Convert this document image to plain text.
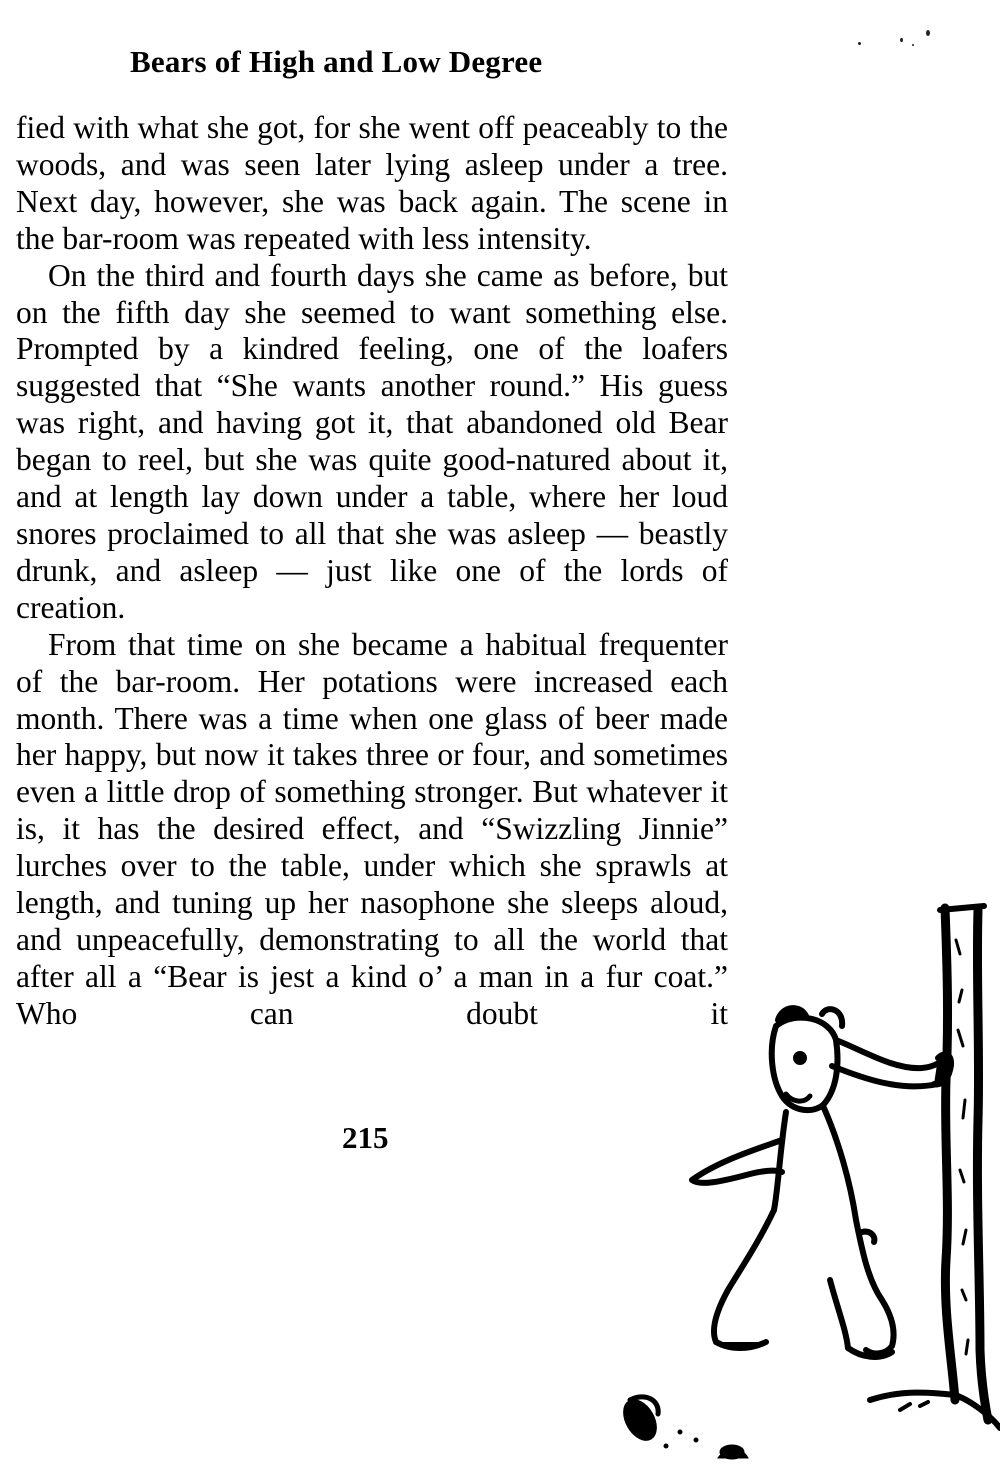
Bears of High and Low Degree

fied with what she got, for she went off peaceably to the woods, and was seen later lying asleep under a tree. Next day, however, she was back again. The scene in the bar-room was repeated with less intensity.

On the third and fourth days she came as before, but on the fifth day she seemed to want something else. Prompted by a kindred feeling, one of the loafers suggested that “She wants another round.” His guess was right, and having got it, that abandoned old Bear began to reel, but she was quite good-natured about it, and at length lay down under a table, where her loud snores proclaimed to all that she was asleep — beastly drunk, and asleep — just like one of the lords of creation.

From that time on she became a habitual frequenter of the bar-room. Her potations were increased each month. There was a time when one glass of beer made her happy, but now it takes three or four, and sometimes even a little drop of something stronger. But whatever it is, it has the desired effect, and “Swizzling Jinnie” lurches over to the table, under which she sprawls at length, and tuning up her nasophone she sleeps aloud, and unpeacefully, demonstrating to all the world that after all a “Bear is jest a kind o’ a man in a fur coat.” Who can doubt it

215
